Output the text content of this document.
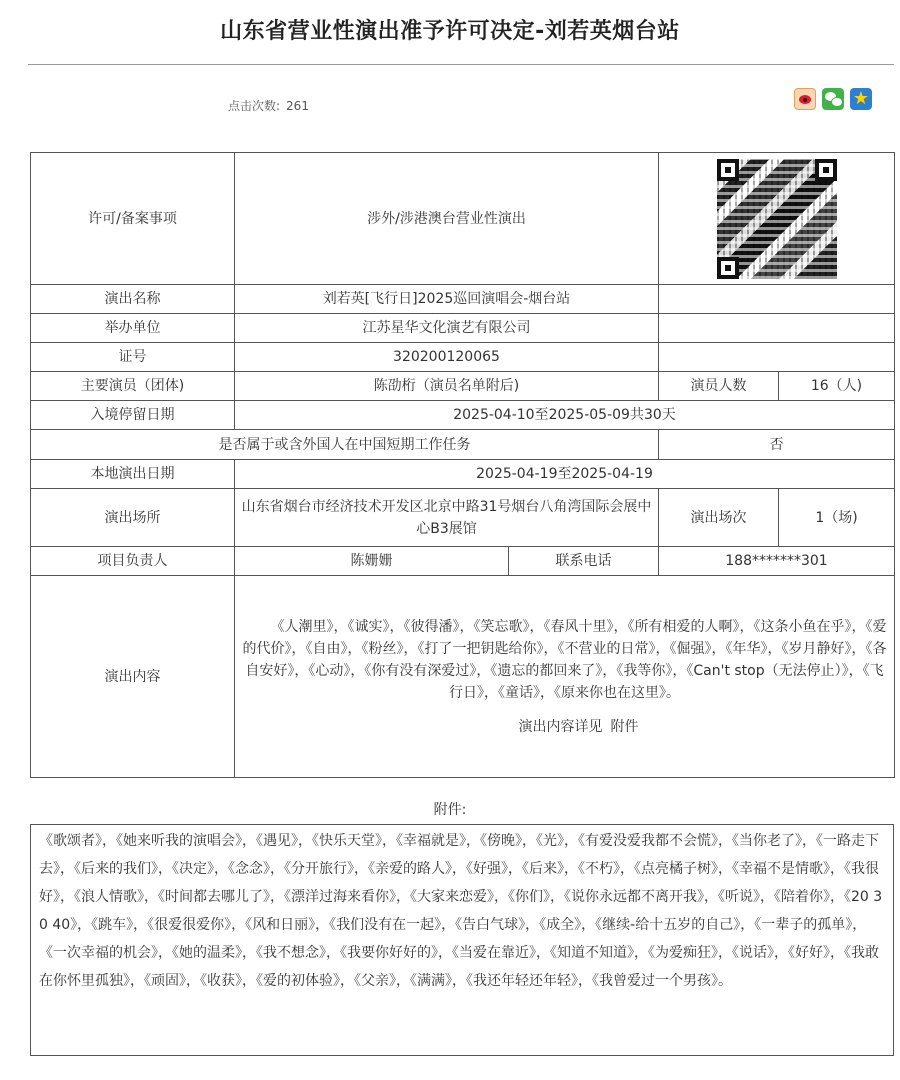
山东省营业性演出准予许可决定-刘若英烟台站
点击次数: 261	★
许可/备案事项	涉外/涉港澳台营业性演出			

演出名称	刘若英[飞行日]2025巡回演唱会-烟台站			
举办单位	江苏星华文化演艺有限公司			
证号	320200120065			
主要演员（团体)	陈劭桁（演员名单附后)		演员人数	16（人)
入境停留日期	2025-04-10至2025-05-09共30天			
是否属于或含外国人在中国短期工作任务			否	
本地演出日期	2025-04-19至2025-04-19			
演出场所	山东省烟台市经济技术开发区北京中路31号烟台八角湾国际会展中心B3展馆		演出场次	1（场)
项目负责人	陈姗姗	联系电话	188*******301	
演出内容	《人潮里》，《诚实》，《彼得潘》，《笑忘歌》，《春风十里》，《所有相爱的人啊》，《这条小鱼在乎》，《爱的代价》，《自由》，《粉丝》，《打了一把钥匙给你》，《不营业的日常》，《倔强》，《年华》，《岁月静好》，《各自安好》，《心动》，《你有没有深爱过》，《遗忘的都回来了》，《我等你》，《Can't stop（无法停止）》，《飞行日》，《童话》，《原来你也在这里》。
演出内容详见 附件			
附件:
《歌颂者》，《她来听我的演唱会》，《遇见》，《快乐天堂》，《幸福就是》，《傍晚》，《光》，《有爱没爱我都不会慌》，《当你老了》，《一路走下去》，《后来的我们》，《决定》，《念念》，《分开旅行》，《亲爱的路人》，《好强》，《后来》，《不朽》，《点亮橘子树》，《幸福不是情歌》，《我很好》，《浪人情歌》，《时间都去哪儿了》，《漂洋过海来看你》，《大家来恋爱》，《你们》，《说你永远都不离开我》，《听说》，《陪着你》，《20 30 40》，《跳车》，《很爱很爱你》，《风和日丽》，《我们没有在一起》，《告白气球》，《成全》，《继续-给十五岁的自己》，《一辈子的孤单》，《一次幸福的机会》，《她的温柔》，《我不想念》，《我要你好好的》，《当爱在靠近》，《知道不知道》，《为爱痴狂》，《说话》，《好好》，《我敢在你怀里孤独》，《顽固》，《收获》，《爱的初体验》，《父亲》，《满满》，《我还年轻还年轻》，《我曾爱过一个男孩》。
